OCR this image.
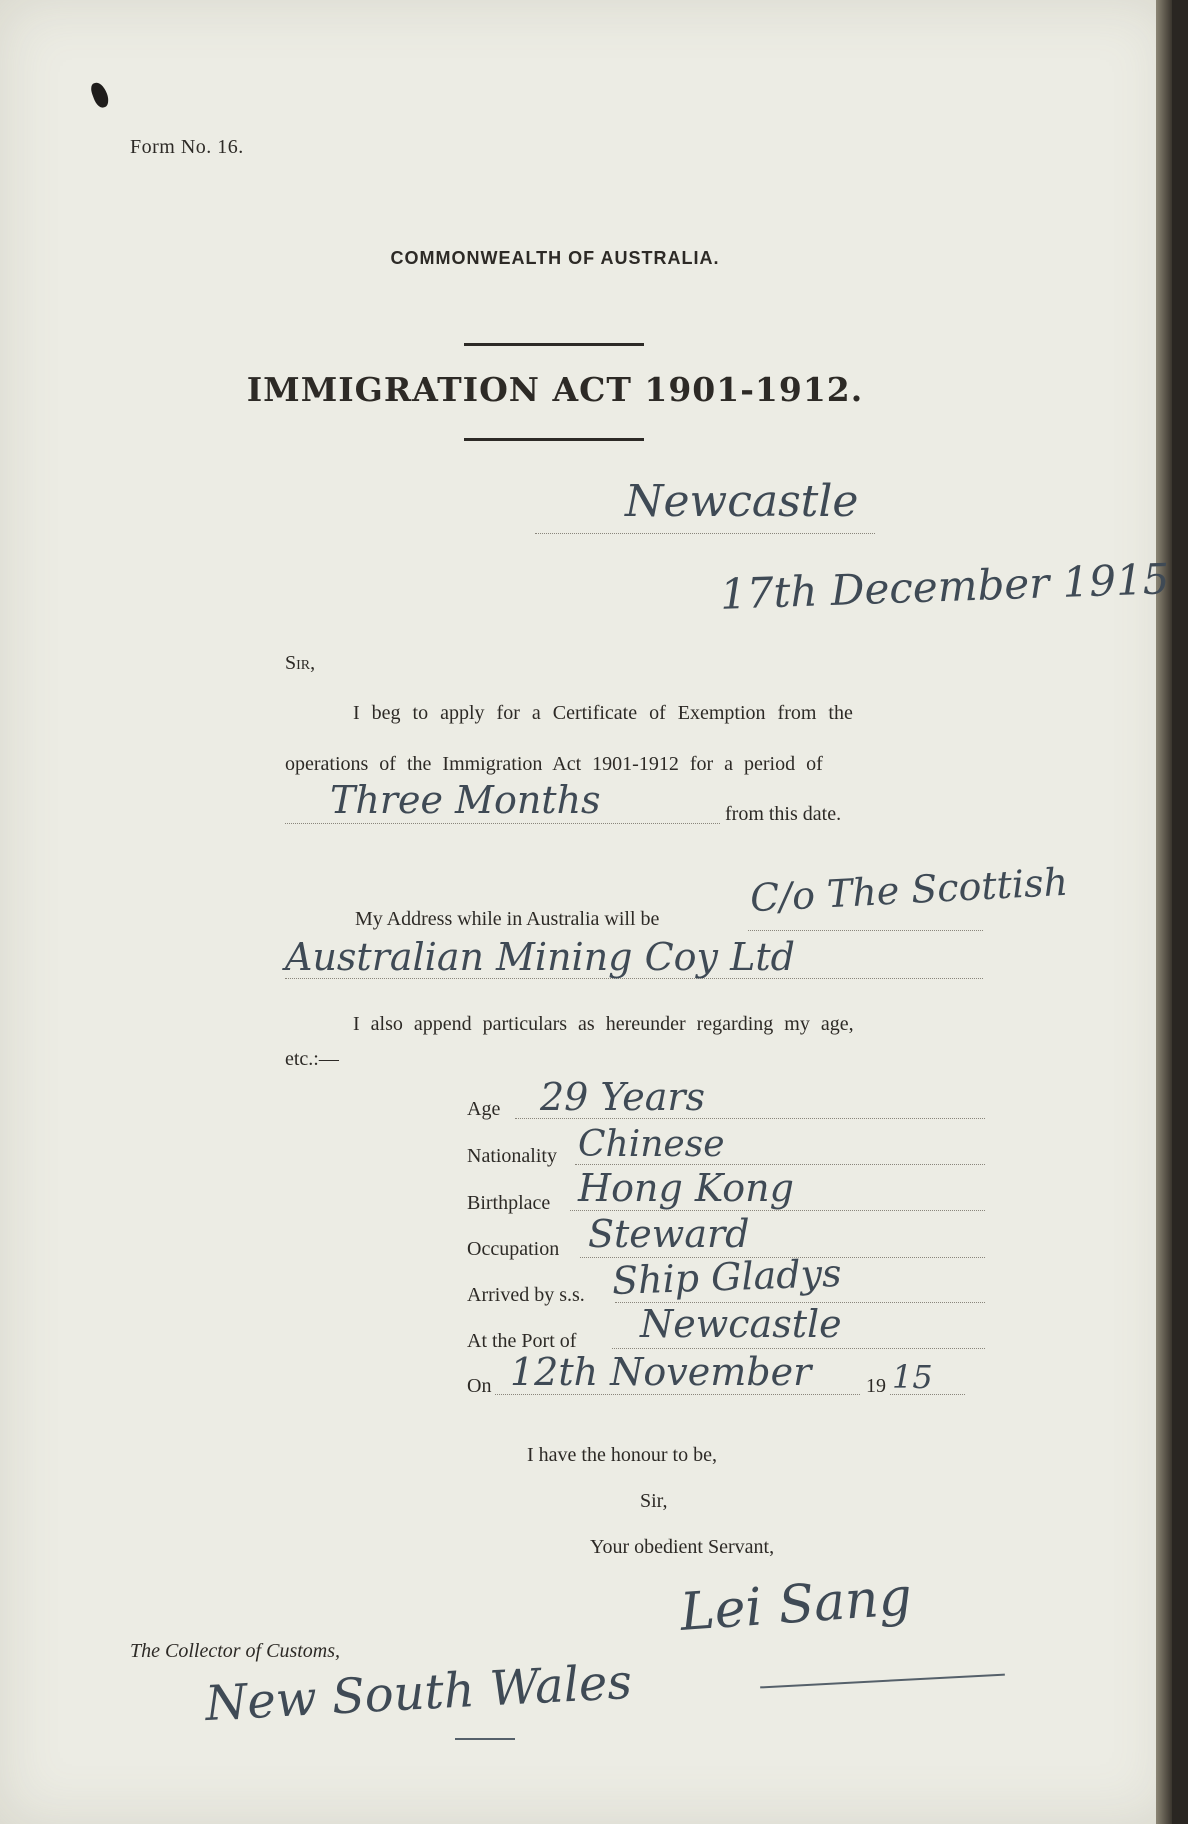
Form No. 16.
COMMONWEALTH OF AUSTRALIA.
IMMIGRATION ACT 1901-1912.
Newcastle
17th December 1915
Sir,
I beg to apply for a Certificate of Exemption from the
operations of the Immigration Act 1901-1912 for a period of
Three Months	from this date.
My Address while in Australia will be C/o The Scottish
Australian Mining Coy Ltd
I also append particulars as hereunder regarding my age,
etc.:—
Age 29 Years
Nationality Chinese
Birthplace Hong Kong
Occupation Steward
Arrived by s.s. Ship Gladys
At the Port of Newcastle
On 12th November	19 15
I have the honour to be,
Sir,
Your obedient Servant,
Lei Sang
The Collector of Customs,
New South Wales
